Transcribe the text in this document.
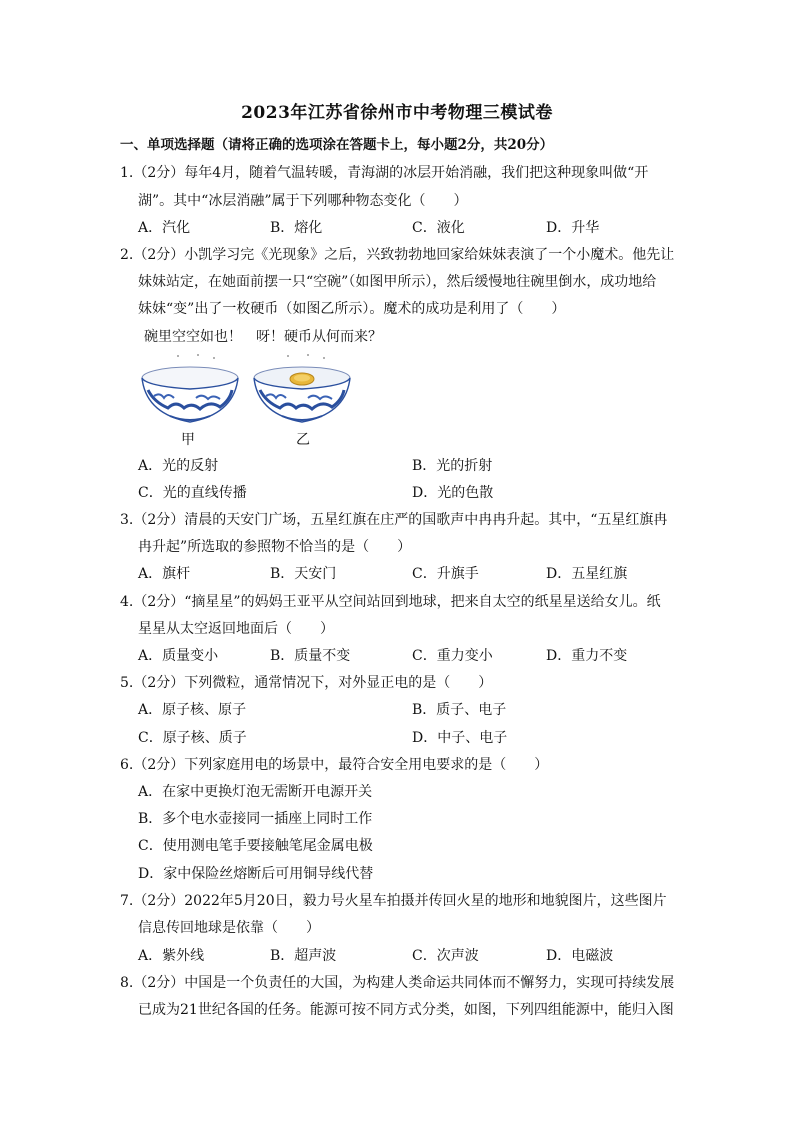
2023年江苏省徐州市中考物理三模试卷
一、单项选择题（请将正确的选项涂在答题卡上，每小题2分，共20分）
1.（2分）每年4月，随着气温转暖，青海湖的冰层开始消融，我们把这种现象叫做“开
湖”。其中“冰层消融”属于下列哪种物态变化（　　）
A．汽化	B．熔化	C．液化	D．升华
2.（2分）小凯学习完《光现象》之后，兴致勃勃地回家给妹妹表演了一个小魔术。他先让
妹妹站定，在她面前摆一只“空碗”（如图甲所示），然后缓慢地往碗里倒水，成功地给
妹妹“变”出了一枚硬币（如图乙所示）。魔术的成功是利用了（　　）
碗里空空如也！　呀！硬币从何而来？
甲	乙
A．光的反射	B．光的折射
C．光的直线传播	D．光的色散
3.（2分）清晨的天安门广场，五星红旗在庄严的国歌声中冉冉升起。其中，“五星红旗冉
冉升起”所选取的参照物不恰当的是（　　）
A．旗杆	B．天安门	C．升旗手	D．五星红旗
4.（2分）“摘星星”的妈妈王亚平从空间站回到地球，把来自太空的纸星星送给女儿。纸
星星从太空返回地面后（　　）
A．质量变小	B．质量不变	C．重力变小	D．重力不变
5.（2分）下列微粒，通常情况下，对外显正电的是（　　）
A．原子核、原子	B．质子、电子
C．原子核、质子	D．中子、电子
6.（2分）下列家庭用电的场景中，最符合安全用电要求的是（　　）
A．在家中更换灯泡无需断开电源开关
B．多个电水壶接同一插座上同时工作
C．使用测电笔手要接触笔尾金属电极
D．家中保险丝熔断后可用铜导线代替
7.（2分）2022年5月20日，毅力号火星车拍摄并传回火星的地形和地貌图片，这些图片
信息传回地球是依靠（　　）
A．紫外线	B．超声波	C．次声波	D．电磁波
8.（2分）中国是一个负责任的大国，为构建人类命运共同体而不懈努力，实现可持续发展
已成为21世纪各国的任务。能源可按不同方式分类，如图，下列四组能源中，能归入图
